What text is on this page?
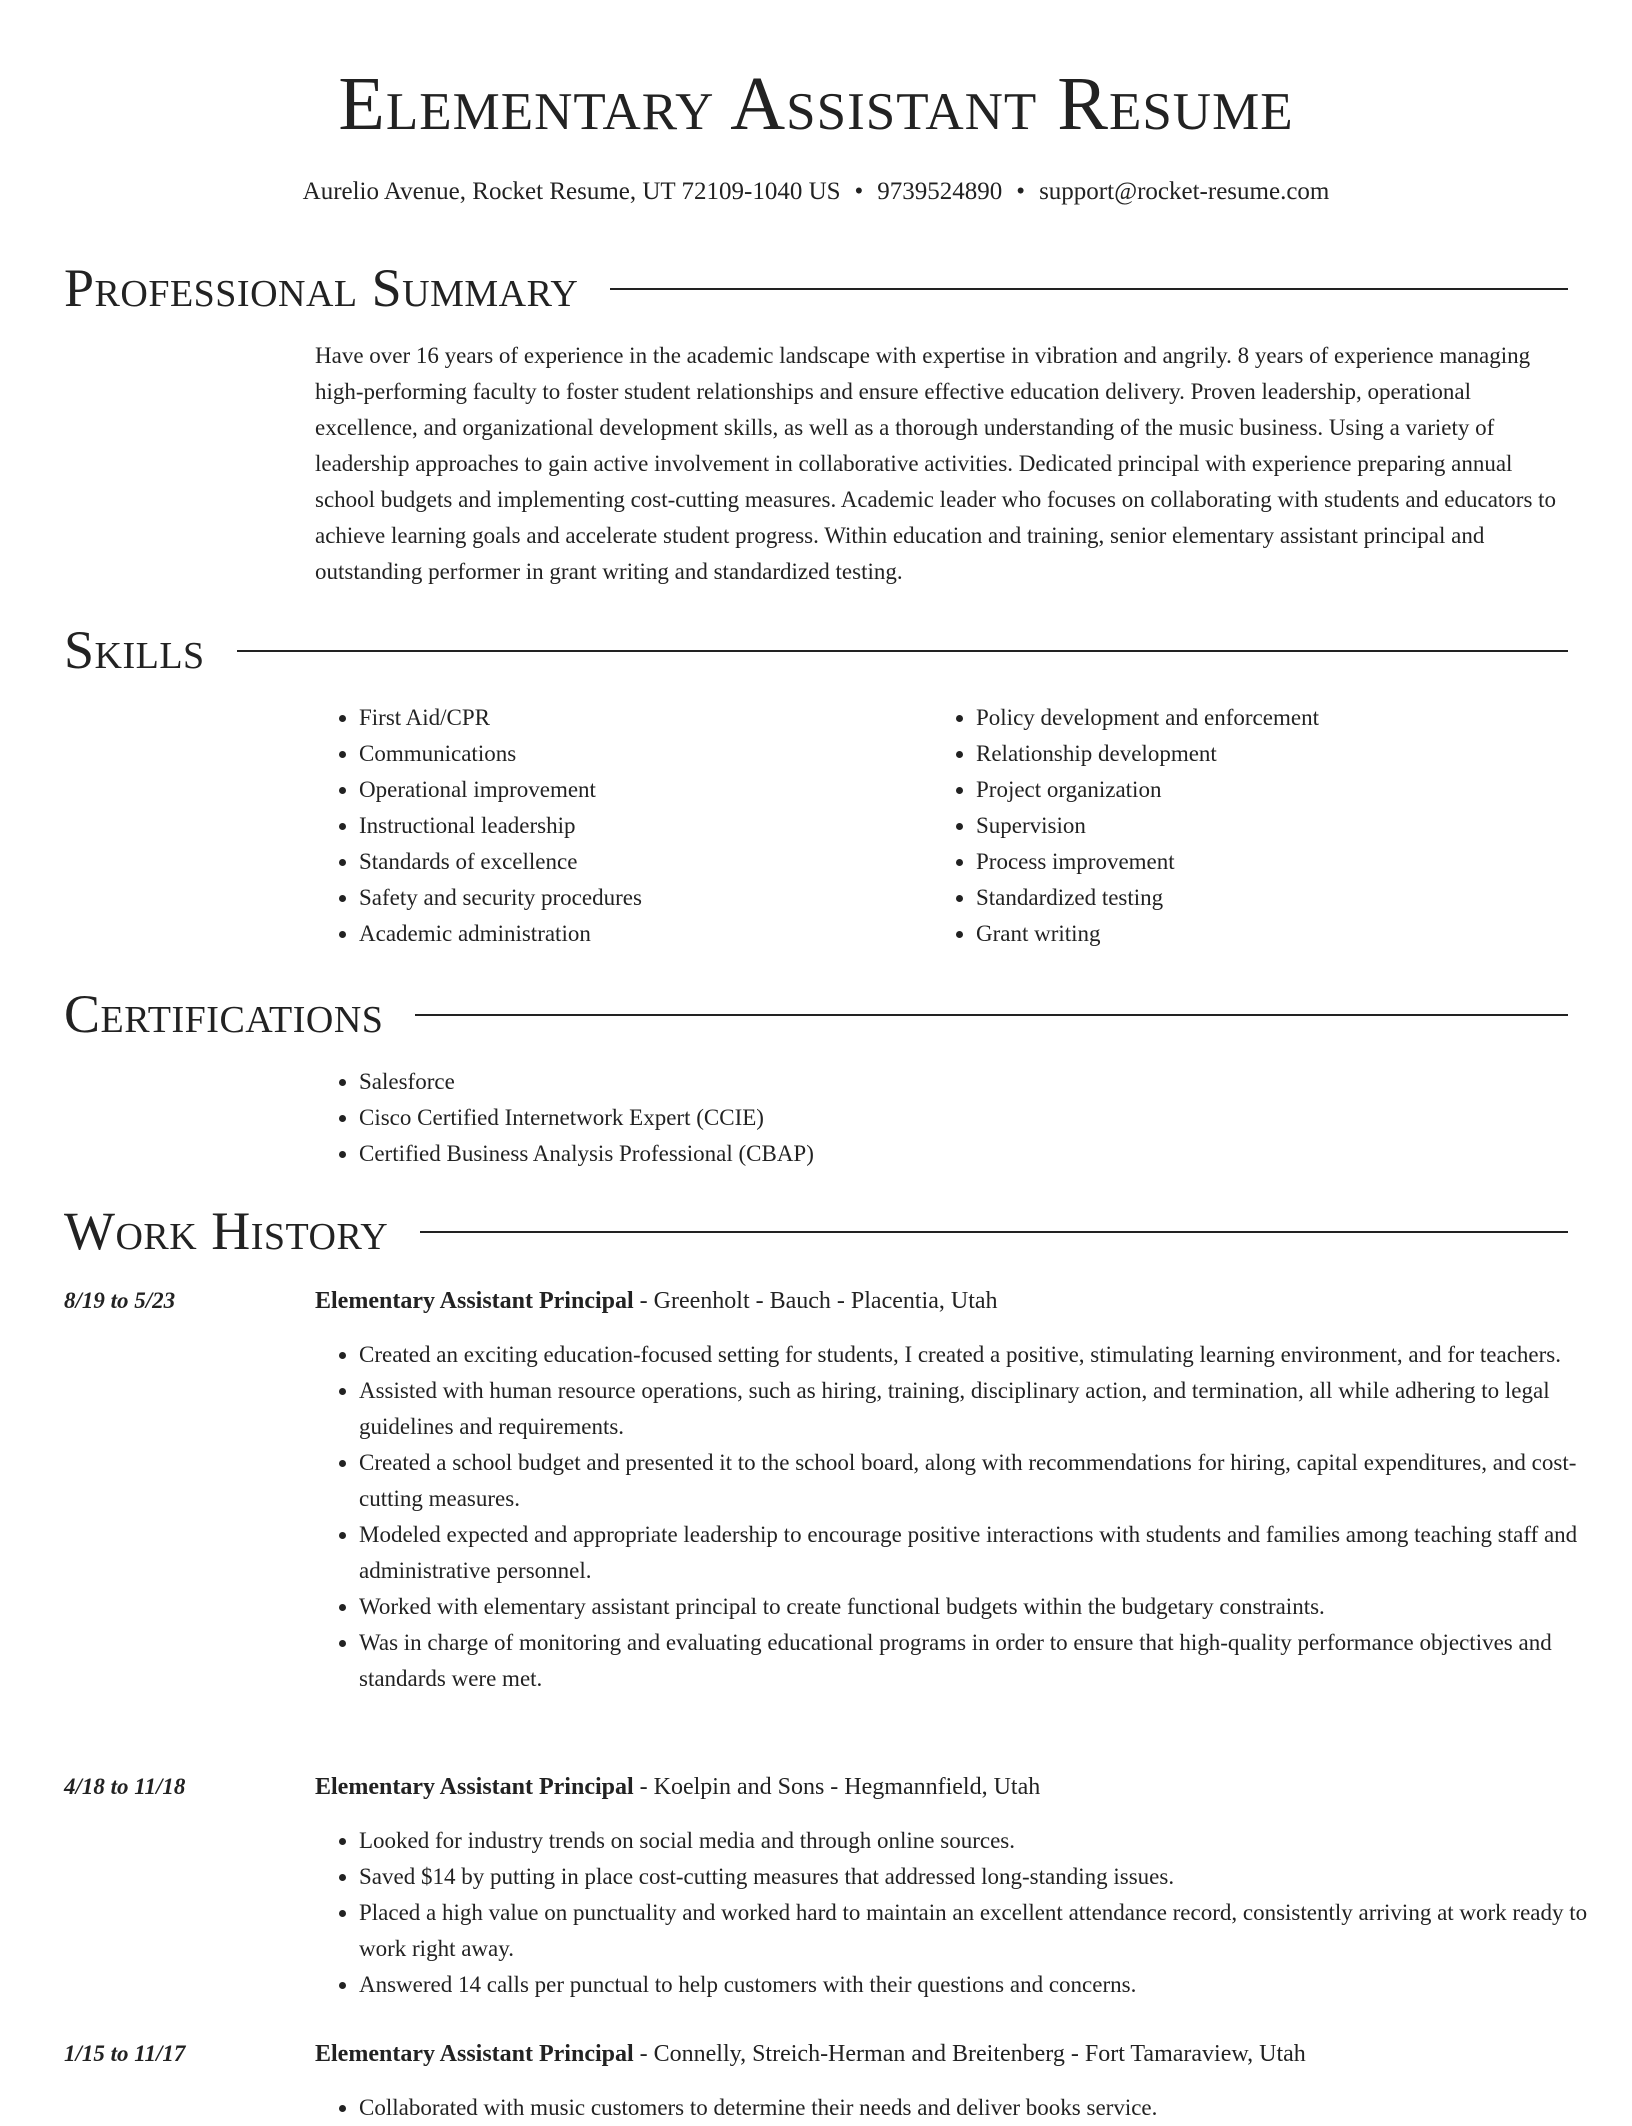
Elementary Assistant Resume
Aurelio Avenue, Rocket Resume, UT 72109-1040 US • 9739524890 • support@rocket-resume.com
Professional Summary

Have over 16 years of experience in the academic landscape with expertise in vibration and angrily. 8 years of experience managing high-performing faculty to foster student relationships and ensure effective education delivery. Proven leadership, operational excellence, and organizational development skills, as well as a thorough understanding of the music business. Using a variety of leadership approaches to gain active involvement in collaborative activities. Dedicated principal with experience preparing annual school budgets and implementing cost-cutting measures. Academic leader who focuses on collaborating with students and educators to achieve learning goals and accelerate student progress. Within education and training, senior elementary assistant principal and outstanding performer in grant writing and standardized testing.

Skills
• First Aid/CPR
• Communications
• Operational improvement
• Instructional leadership
• Standards of excellence
• Safety and security procedures
• Academic administration
• Policy development and enforcement
• Relationship development
• Project organization
• Supervision
• Process improvement
• Standardized testing
• Grant writing
Certifications
• Salesforce
• Cisco Certified Internetwork Expert (CCIE)
• Certified Business Analysis Professional (CBAP)
Work History
8/19 to 5/23	Elementary Assistant Principal - Greenholt - Bauch - Placentia, Utah
• Created an exciting education-focused setting for students, I created a positive, stimulating learning environment, and for teachers.
• Assisted with human resource operations, such as hiring, training, disciplinary action, and termination, all while adhering to legal guidelines and requirements.
• Created a school budget and presented it to the school board, along with recommendations for hiring, capital expenditures, and cost-cutting measures.
• Modeled expected and appropriate leadership to encourage positive interactions with students and families among teaching staff and administrative personnel.
• Worked with elementary assistant principal to create functional budgets within the budgetary constraints.
• Was in charge of monitoring and evaluating educational programs in order to ensure that high-quality performance objectives and standards were met.
4/18 to 11/18	Elementary Assistant Principal - Koelpin and Sons - Hegmannfield, Utah
• Looked for industry trends on social media and through online sources.
• Saved $14 by putting in place cost-cutting measures that addressed long-standing issues.
• Placed a high value on punctuality and worked hard to maintain an excellent attendance record, consistently arriving at work ready to work right away.
• Answered 14 calls per punctual to help customers with their questions and concerns.
1/15 to 11/17	Elementary Assistant Principal - Connelly, Streich-Herman and Breitenberg - Fort Tamaraview, Utah
• Collaborated with music customers to determine their needs and deliver books service.
